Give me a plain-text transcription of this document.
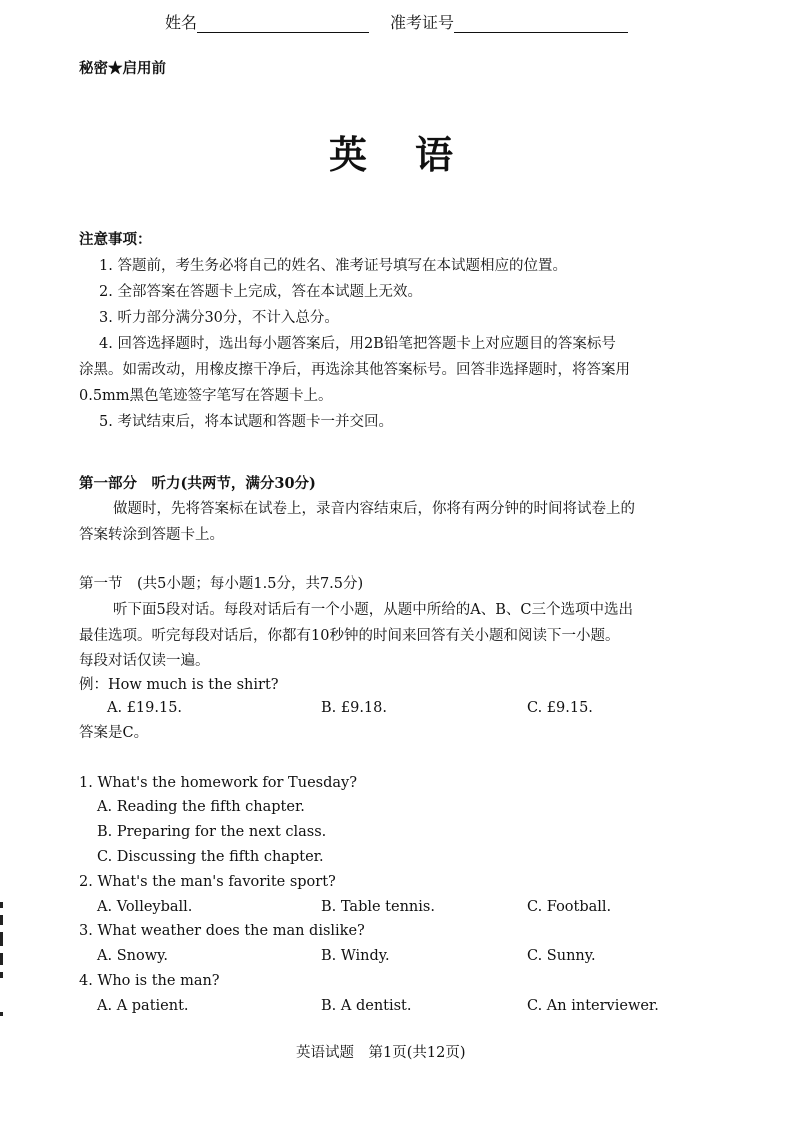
姓名	准考证号
秘密★启用前
英 语
注意事项：
1. 答题前，考生务必将自己的姓名、准考证号填写在本试题相应的位置。
2. 全部答案在答题卡上完成，答在本试题上无效。
3. 听力部分满分30分，不计入总分。
4. 回答选择题时，选出每小题答案后，用2B铅笔把答题卡上对应题目的答案标号
涂黑。如需改动，用橡皮擦干净后，再选涂其他答案标号。回答非选择题时，将答案用
0.5mm黑色笔迹签字笔写在答题卡上。
5. 考试结束后，将本试题和答题卡一并交回。
第一部分　听力(共两节，满分30分)
做题时，先将答案标在试卷上，录音内容结束后，你将有两分钟的时间将试卷上的
答案转涂到答题卡上。
第一节　(共5小题；每小题1.5分，共7.5分)
听下面5段对话。每段对话后有一个小题，从题中所给的A、B、C三个选项中选出
最佳选项。听完每段对话后，你都有10秒钟的时间来回答有关小题和阅读下一小题。
每段对话仅读一遍。
例：How much is the shirt?
A. £19.15.	B. £9.18.	C. £9.15.
答案是C。
1. What's the homework for Tuesday?
A. Reading the fifth chapter.
B. Preparing for the next class.
C. Discussing the fifth chapter.
2. What's the man's favorite sport?
A. Volleyball.	B. Table tennis.	C. Football.
3. What weather does the man dislike?
A. Snowy.	B. Windy.	C. Sunny.
4. Who is the man?
A. A patient.	B. A dentist.	C. An interviewer.
英语试题　第1页(共12页)
